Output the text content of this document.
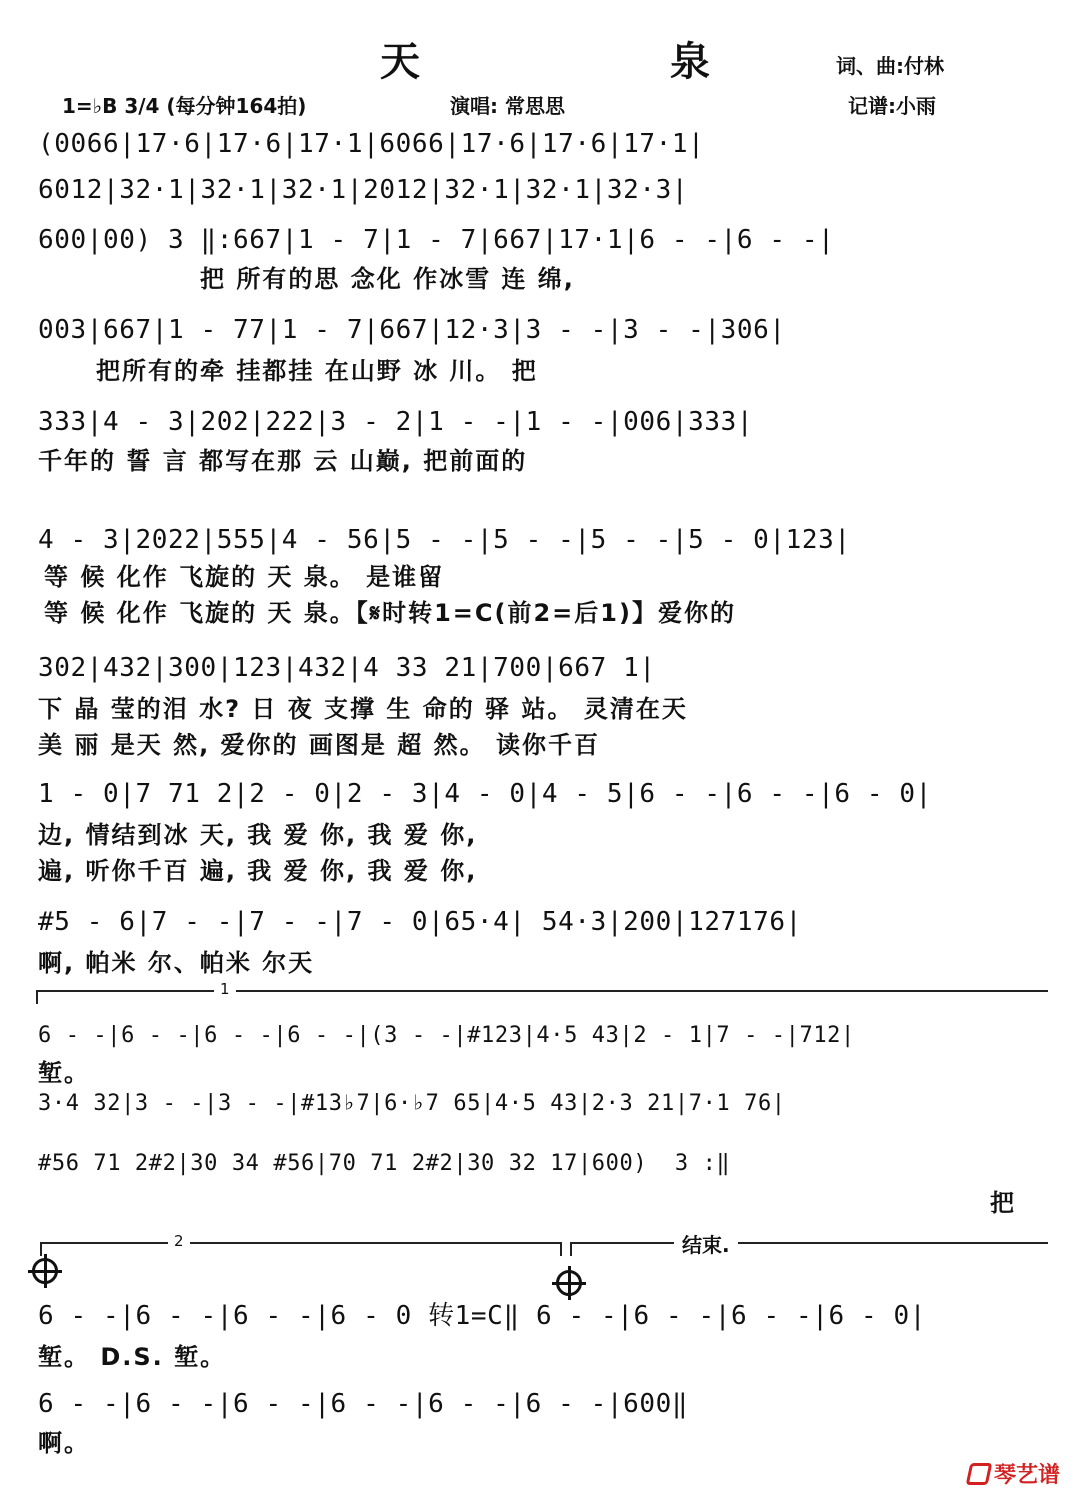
天	泉	词、曲:付林
1=♭B 3/4 (每分钟164拍)	演唱: 常思思	记谱:小雨
(0066|17·6|17·6|17·1|6066|17·6|17·6|17·1|
6012|32·1|32·1|32·1|2012|32·1|32·1|32·3|
600|00) 3 ‖:667|1 - 7|1 - 7|667|17·1|6 - -|6 - -|
把 所有的思 念化 作冰雪 连 绵,
003|667|1 - 77|1 - 7|667|12·3|3 - -|3 - -|306|
把所有的牵 挂都挂 在山野 冰 川。 把
333|4 - 3|202|222|3 - 2|1 - -|1 - -|006|333|
千年的 誓 言 都写在那 云 山巅, 把前面的
4 - 3|2022|555|4 - 56|5 - -|5 - -|5 - -|5 - 0|123|
等 候 化作 飞旋的 天 泉。 是谁留
等 候 化作 飞旋的 天 泉。【𝄋时转1=C(前2=后1)】爱你的
302|432|300|123|432|4 33 21|700|667 1|
下 晶 莹的泪 水? 日 夜 支撑 生 命的 驿 站。 灵清在天
美 丽 是天 然, 爱你的 画图是 超 然。 读你千百
1 - 0|7 71 2|2 - 0|2 - 3|4 - 0|4 - 5|6 - -|6 - -|6 - 0|
边, 情结到冰 天, 我 爱 你, 我 爱 你,
遍, 听你千百 遍, 我 爱 你, 我 爱 你,
#5 - 6|7 - -|7 - -|7 - 0|65·4| 54·3|200|127176|
啊, 帕米 尔、帕米 尔天
1
6 - -|6 - -|6 - -|6 - -|(3 - -|#123|4·5 43|2 - 1|7 - -|712|
堑。
3·4 32|3 - -|3 - -|#13♭7|6·♭7 65|4·5 43|2·3 21|7·1 76|
#56 71 2#2|30 34 #56|70 71 2#2|30 32 17|600)  3 :‖
把
2	结束.
6 - -|6 - -|6 - -|6 - 0 转1=C‖ 6 - -|6 - -|6 - -|6 - 0|
堑。 D.S. 堑。
6 - -|6 - -|6 - -|6 - -|6 - -|6 - -|600‖
啊。
琴艺谱
